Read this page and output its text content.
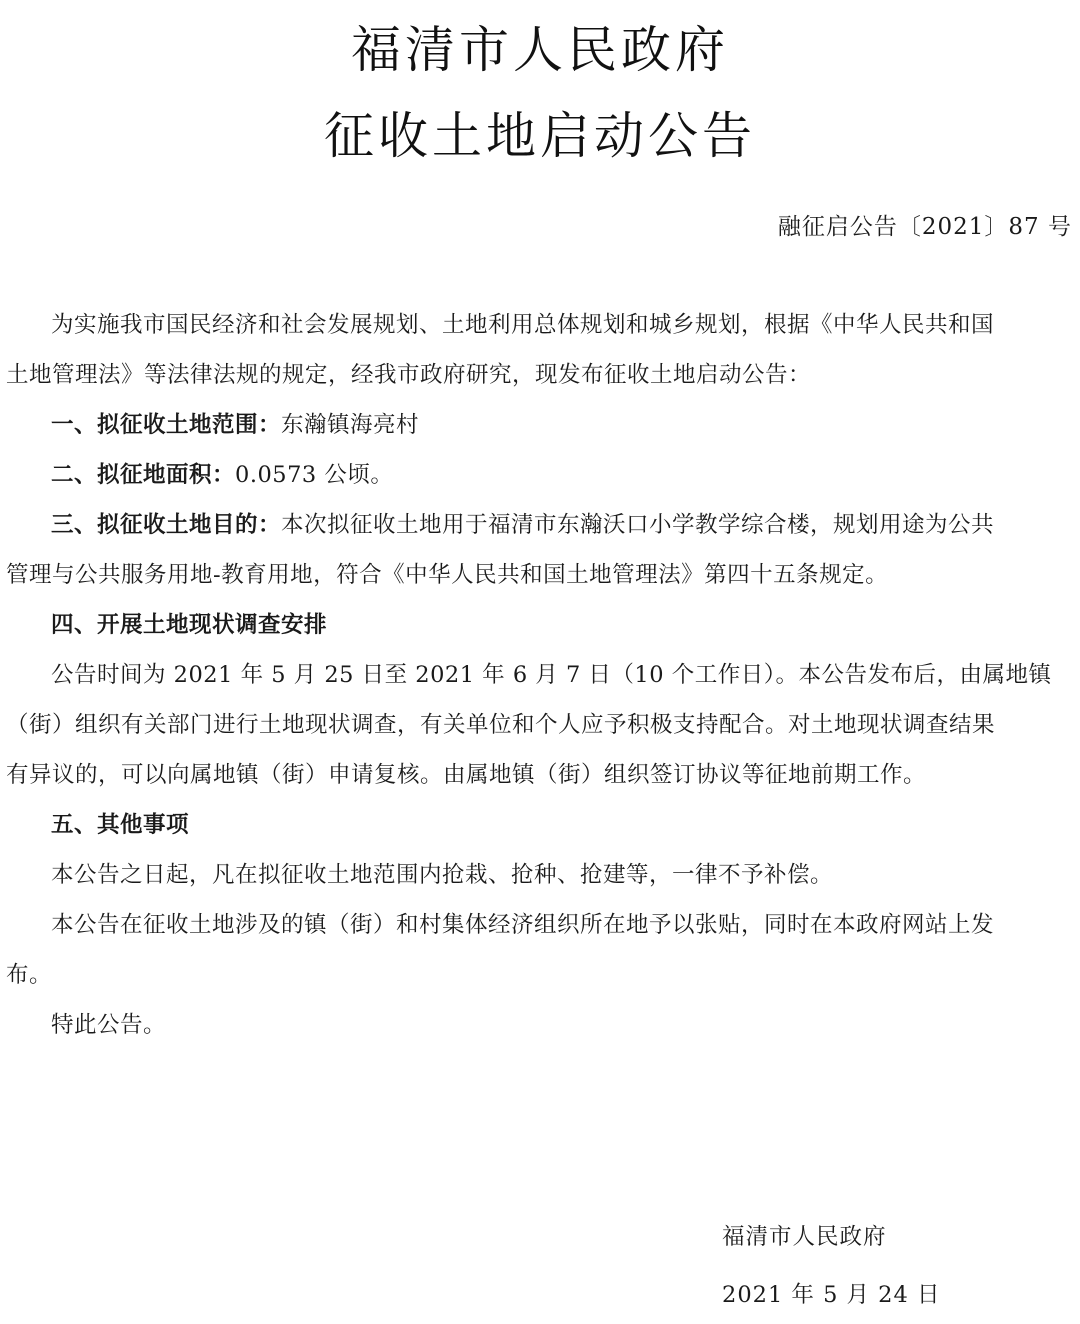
福清市人民政府
征收土地启动公告
融征启公告〔2021〕87 号

为实施我市国民经济和社会发展规划、土地利用总体规划和城乡规划，根据《中华人民共和国

土地管理法》等法律法规的规定，经我市政府研究，现发布征收土地启动公告：

一、拟征收土地范围：东瀚镇海亮村

二、拟征地面积：0.0573 公顷。

三、拟征收土地目的：本次拟征收土地用于福清市东瀚沃口小学教学综合楼，规划用途为公共

管理与公共服务用地-教育用地，符合《中华人民共和国土地管理法》第四十五条规定。

四、开展土地现状调查安排

公告时间为 2021 年 5 月 25 日至 2021 年 6 月 7 日（10 个工作日）。本公告发布后，由属地镇

（街）组织有关部门进行土地现状调查，有关单位和个人应予积极支持配合。对土地现状调查结果

有异议的，可以向属地镇（街）申请复核。由属地镇（街）组织签订协议等征地前期工作。

五、其他事项

本公告之日起，凡在拟征收土地范围内抢栽、抢种、抢建等，一律不予补偿。

本公告在征收土地涉及的镇（街）和村集体经济组织所在地予以张贴，同时在本政府网站上发

布。

特此公告。

福清市人民政府
2021 年 5 月 24 日
